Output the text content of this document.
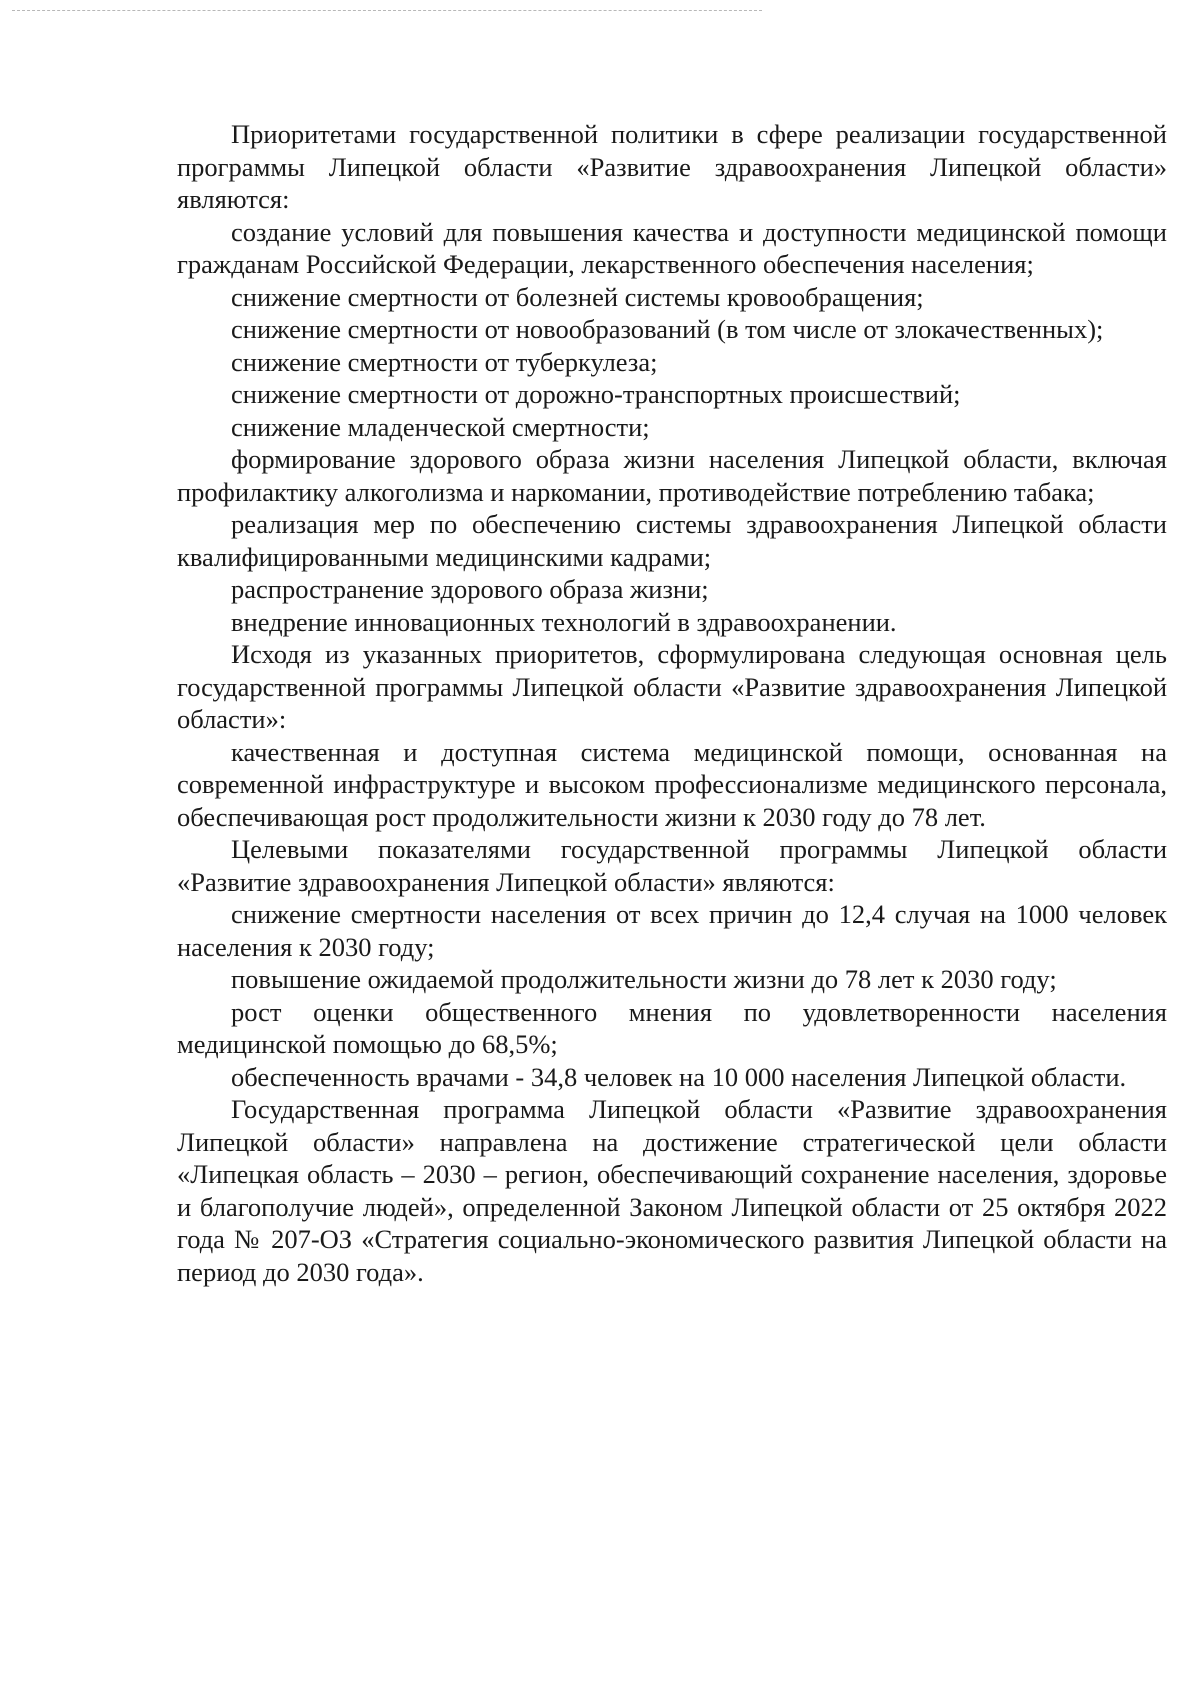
Приоритетами государственной политики в сфере реализации государственной программы Липецкой области «Развитие здравоохранения Липецкой области» являются:

создание условий для повышения качества и доступности медицинской помощи гражданам Российской Федерации, лекарственного обеспечения населения;

снижение смертности от болезней системы кровообращения;

снижение смертности от новообразований (в том числе от злокачественных);

снижение смертности от туберкулеза;

снижение смертности от дорожно-транспортных происшествий;

снижение младенческой смертности;

формирование здорового образа жизни населения Липецкой области, включая профилактику алкоголизма и наркомании, противодействие потреблению табака;

реализация мер по обеспечению системы здравоохранения Липецкой области квалифицированными медицинскими кадрами;

распространение здорового образа жизни;

внедрение инновационных технологий в здравоохранении.

Исходя из указанных приоритетов, сформулирована следующая основная цель государственной программы Липецкой области «Развитие здравоохранения Липецкой области»:

качественная и доступная система медицинской помощи, основанная на современной инфраструктуре и высоком профессионализме медицинского персонала, обеспечивающая рост продолжительности жизни к 2030 году до 78 лет.

Целевыми показателями государственной программы Липецкой области «Развитие здравоохранения Липецкой области» являются:

снижение смертности населения от всех причин до 12,4 случая на 1000 человек населения к 2030 году;

повышение ожидаемой продолжительности жизни до 78 лет к 2030 году;

рост оценки общественного мнения по удовлетворенности населения медицинской помощью до 68,5%;

обеспеченность врачами - 34,8 человек на 10 000 населения Липецкой области.

Государственная программа Липецкой области «Развитие здравоохранения Липецкой области» направлена на достижение стратегической цели области «Липецкая область – 2030 – регион, обеспечивающий сохранение населения, здоровье и благополучие людей», определенной Законом Липецкой области от 25 октября 2022 года № 207-ОЗ «Стратегия социально-экономического развития Липецкой области на период до 2030 года».
